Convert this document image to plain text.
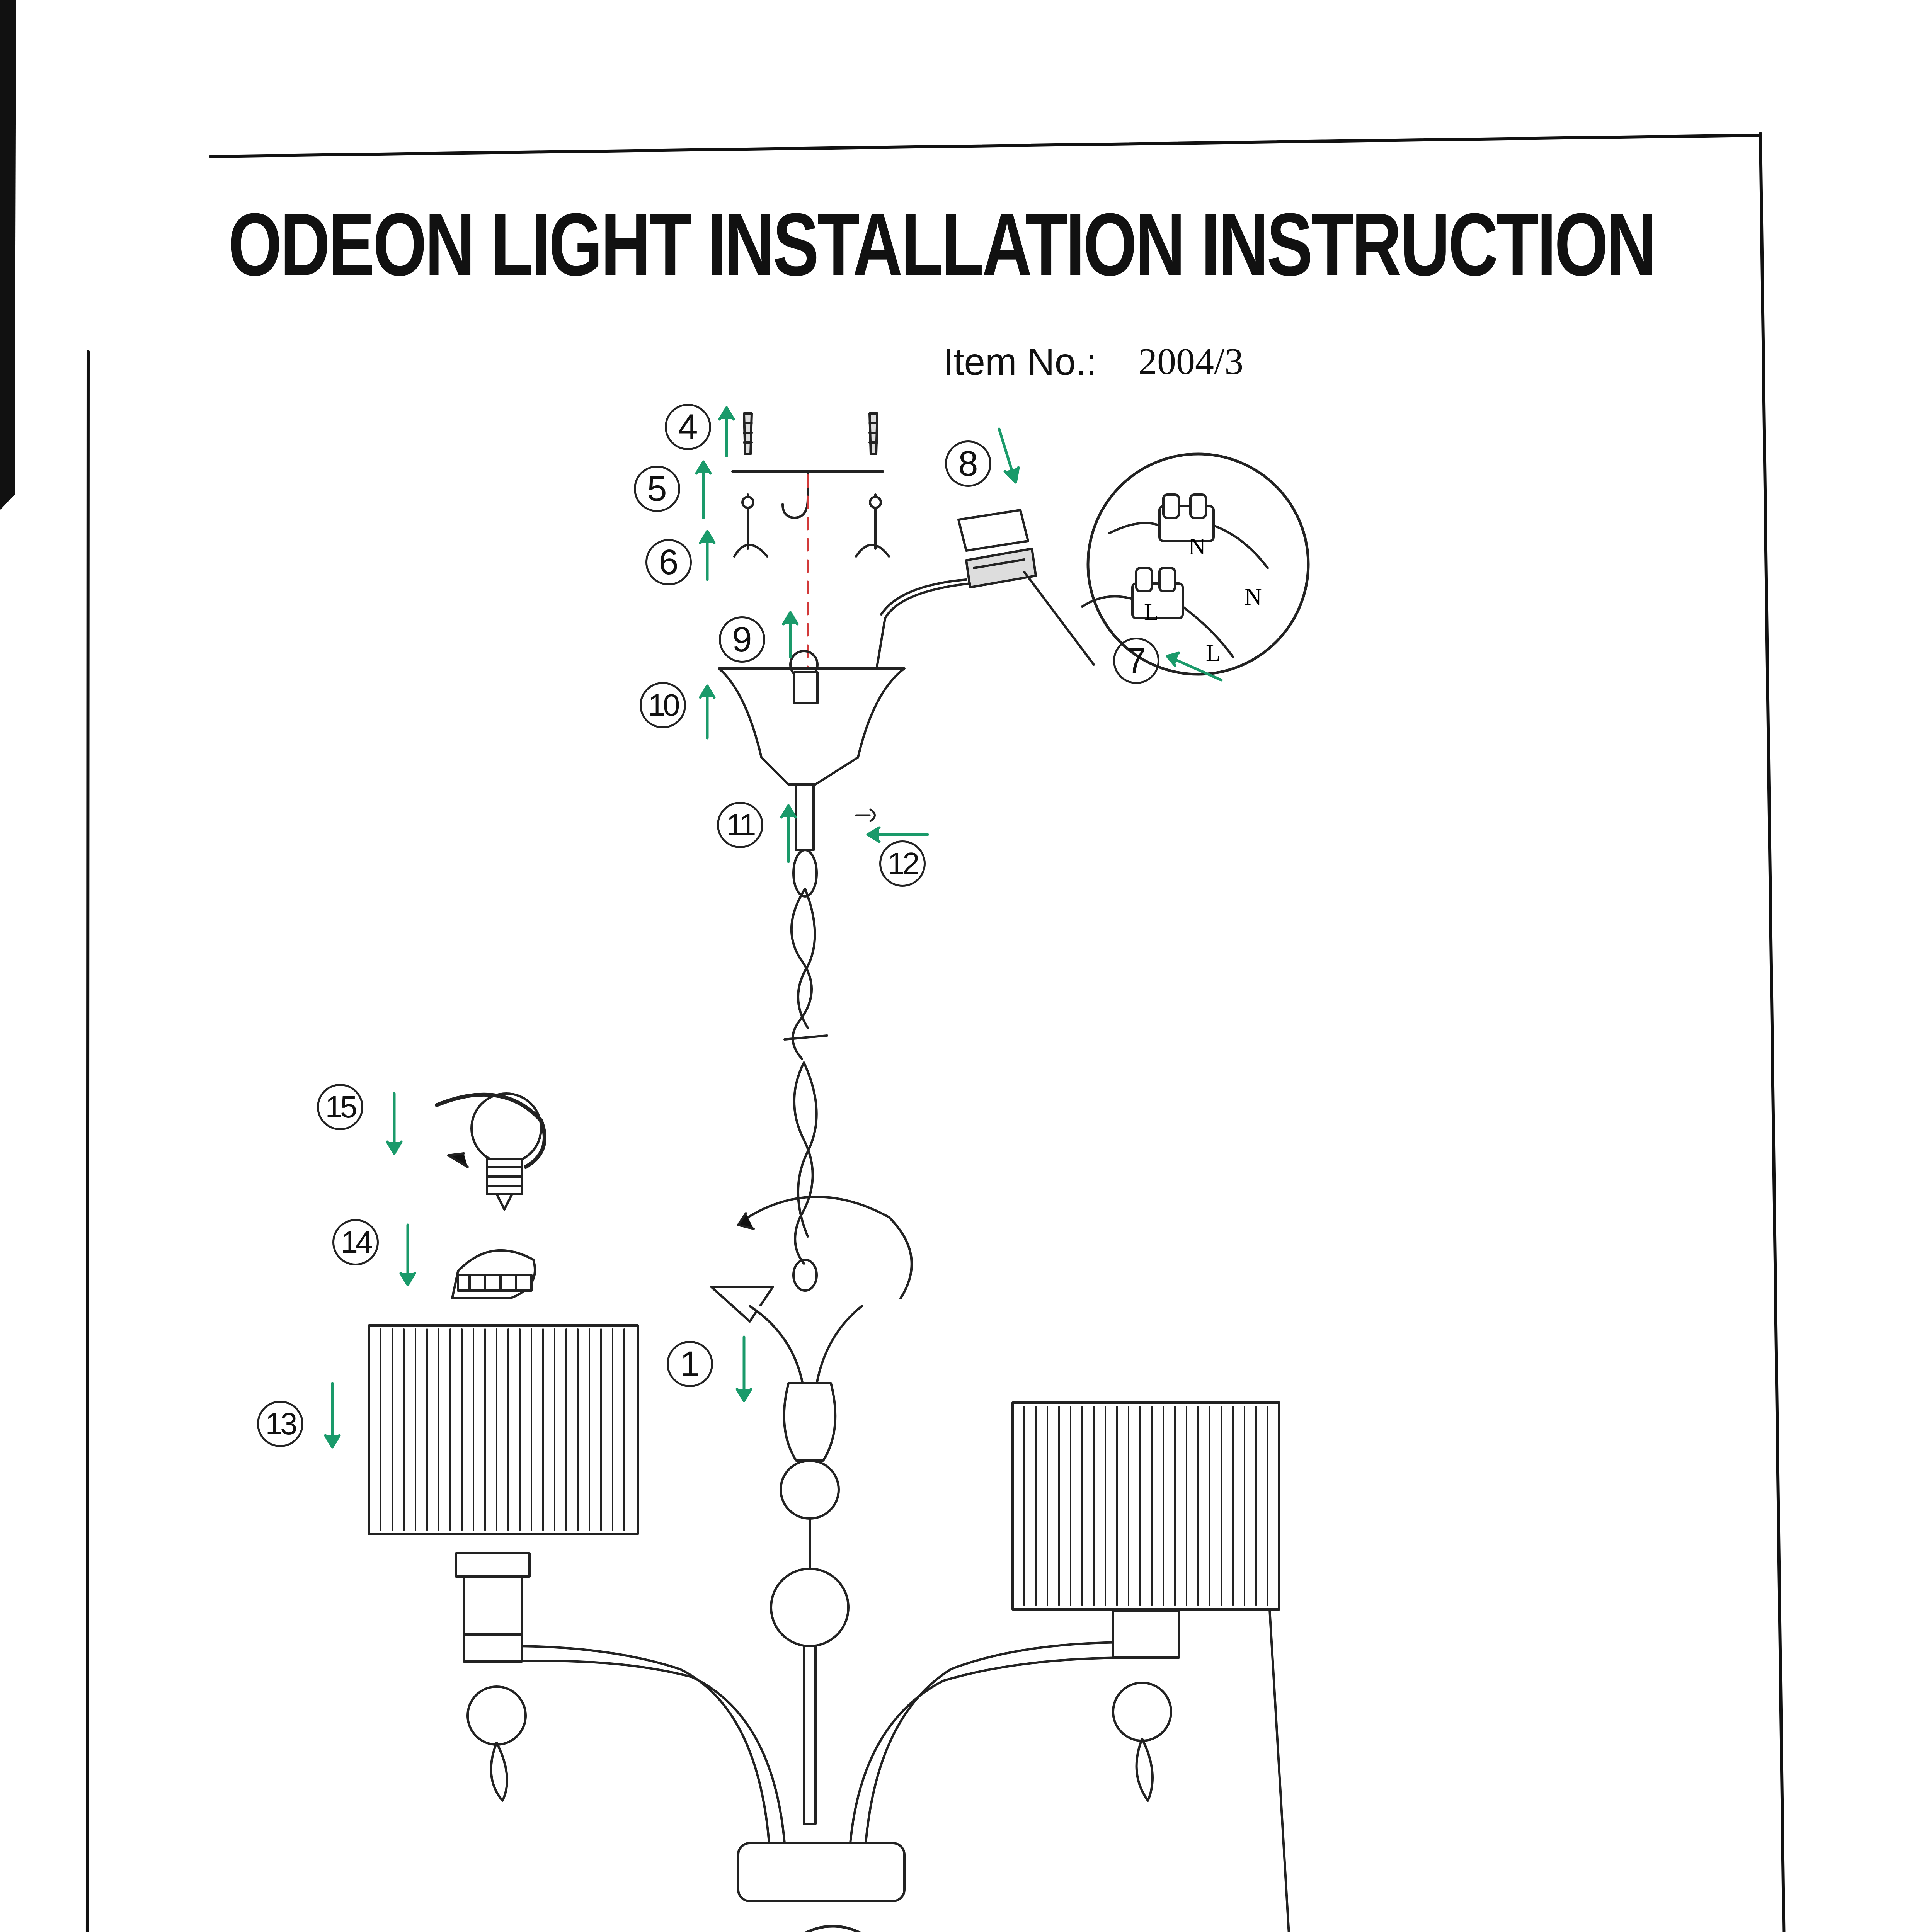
ODEON LIGHT INSTALLATION INSTRUCTION
Item No.: 2004/3
4
5
6
8
9
10
11
12
7
15
14
13
1
N
N
L
L
